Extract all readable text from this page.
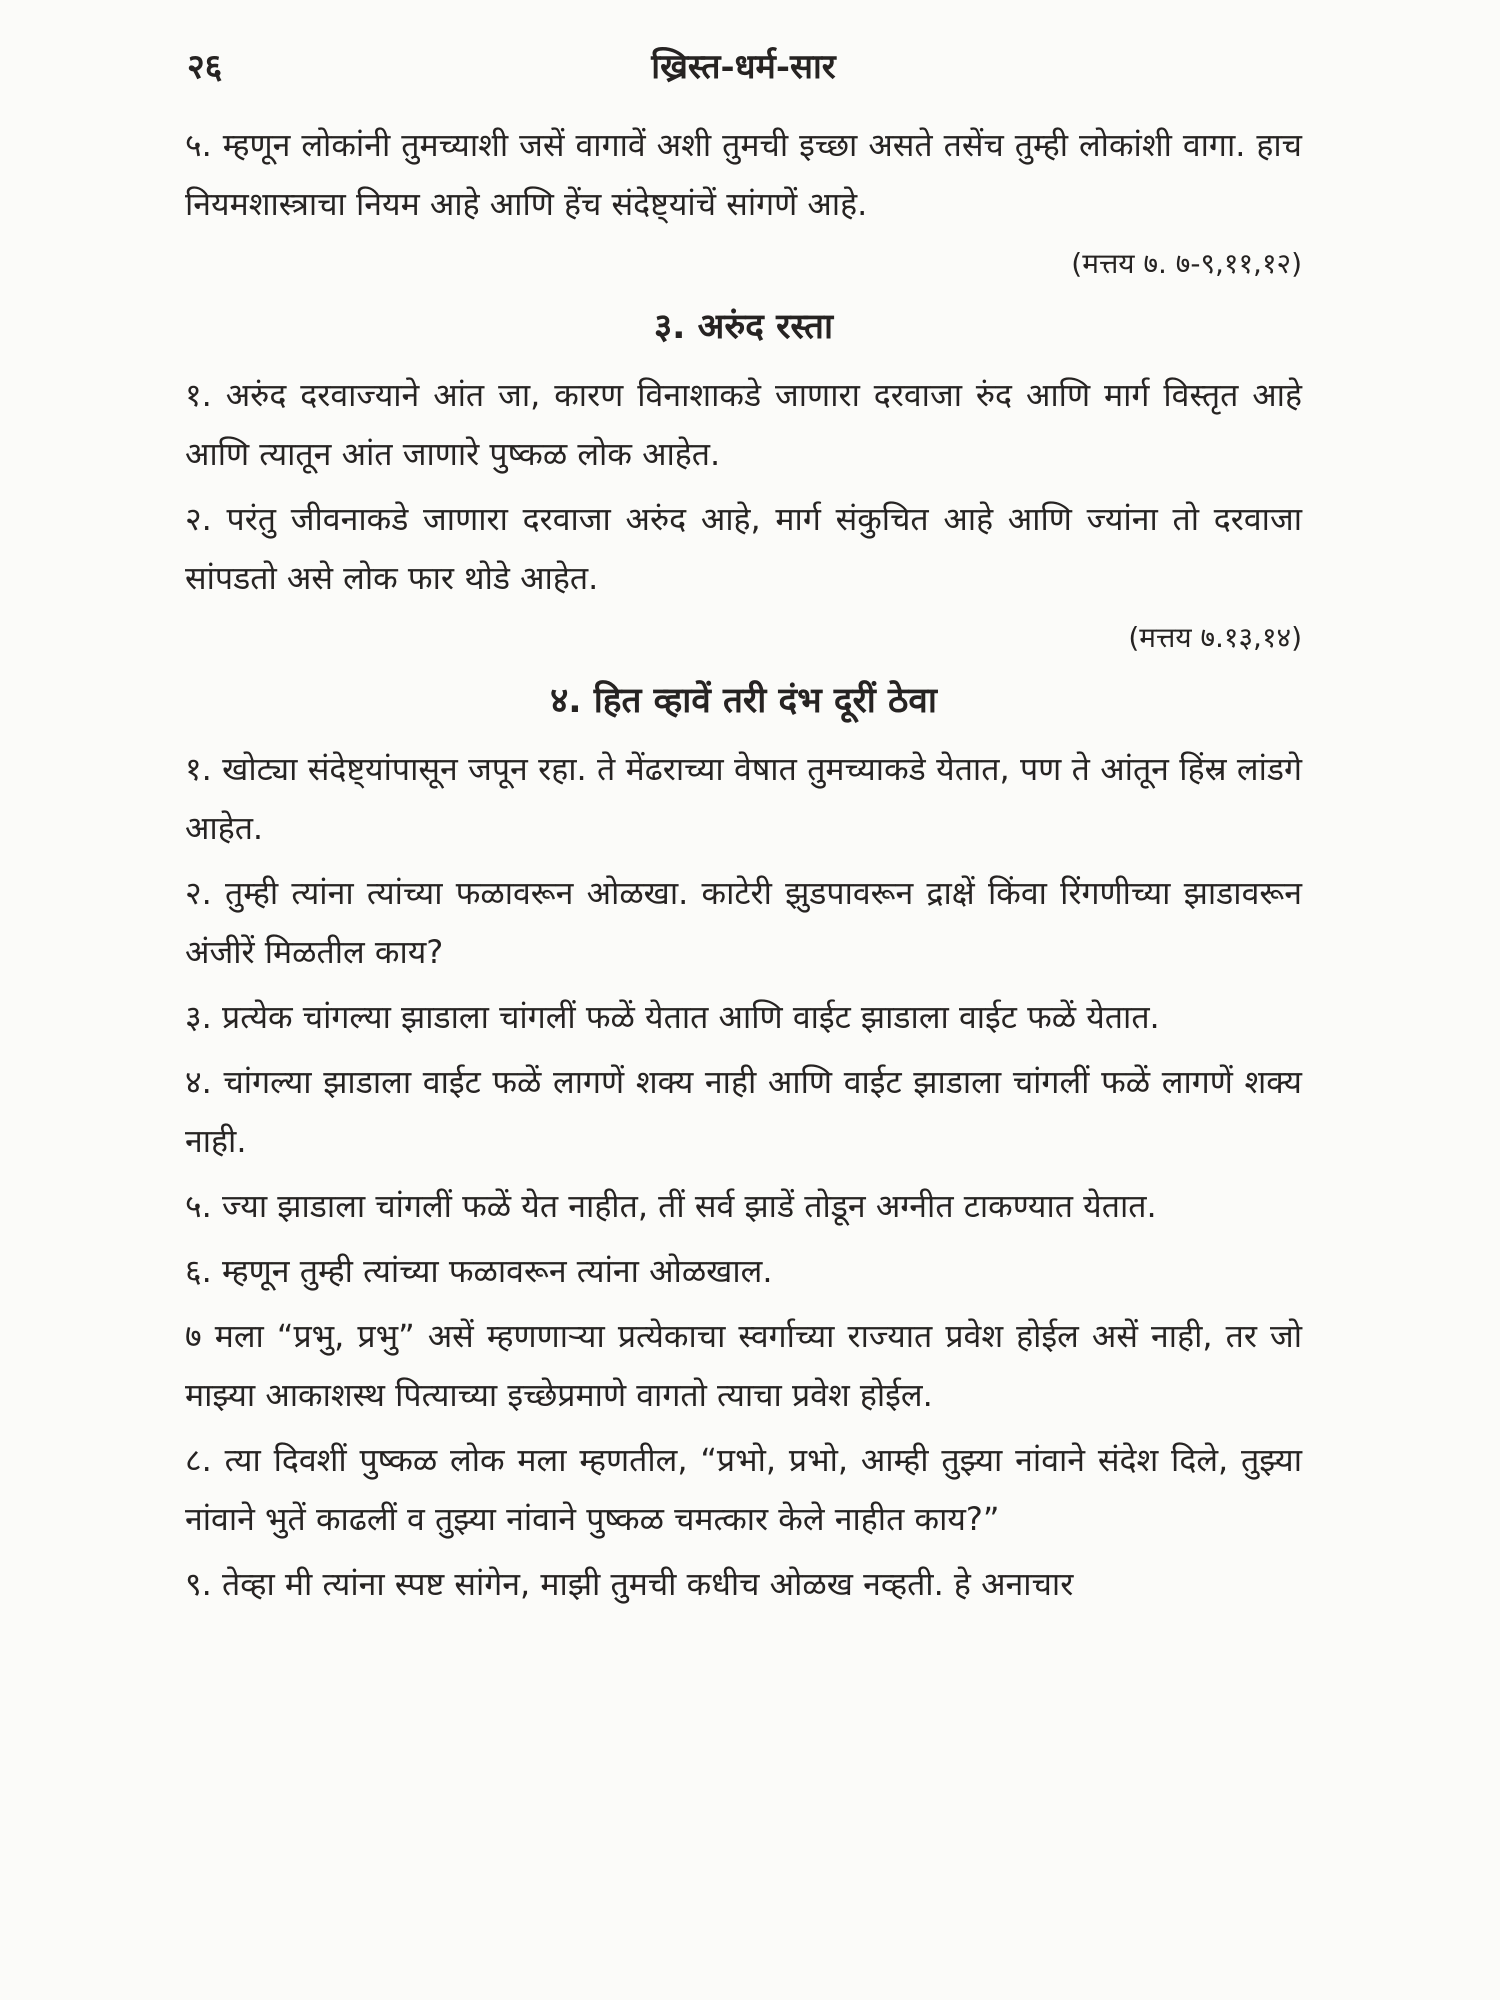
२६	ख्रिस्त-धर्म-सार

५. म्हणून लोकांनी तुमच्याशी जसें वागावें अशी तुमची इच्छा असते तसेंच तुम्ही लोकांशी वागा. हाच नियमशास्त्राचा नियम आहे आणि हेंच संदेष्ट्यांचें सांगणें आहे.

(मत्तय ७. ७-९,११,१२)

३. अरुंद रस्ता

१. अरुंद दरवाज्याने आंत जा, कारण विनाशाकडे जाणारा दरवाजा रुंद आणि मार्ग विस्तृत आहे आणि त्यातून आंत जाणारे पुष्कळ लोक आहेत.

२. परंतु जीवनाकडे जाणारा दरवाजा अरुंद आहे, मार्ग संकुचित आहे आणि ज्यांना तो दरवाजा सांपडतो असे लोक फार थोडे आहेत.

(मत्तय ७.१३,१४)

४. हित व्हावें तरी दंभ दूरीं ठेवा

१. खोट्या संदेष्ट्यांपासून जपून रहा. ते मेंढराच्या वेषात तुमच्याकडे येतात, पण ते आंतून हिंस्र लांडगे आहेत.

२. तुम्ही त्यांना त्यांच्या फळावरून ओळखा. काटेरी झुडपावरून द्राक्षें किंवा रिंगणीच्या झाडावरून अंजीरें मिळतील काय?

३. प्रत्येक चांगल्या झाडाला चांगलीं फळें येतात आणि वाईट झाडाला वाईट फळें येतात.

४. चांगल्या झाडाला वाईट फळें लागणें शक्य नाही आणि वाईट झाडाला चांगलीं फळें लागणें शक्य नाही.

५. ज्या झाडाला चांगलीं फळें येत नाहीत, तीं सर्व झाडें तोडून अग्नीत टाकण्यात येतात.

६. म्हणून तुम्ही त्यांच्या फळावरून त्यांना ओळखाल.

७ मला “प्रभु, प्रभु” असें म्हणणाऱ्या प्रत्येकाचा स्वर्गाच्या राज्यात प्रवेश होईल असें नाही, तर जो माझ्या आकाशस्थ पित्याच्या इच्छेप्रमाणे वागतो त्याचा प्रवेश होईल.

८. त्या दिवशीं पुष्कळ लोक मला म्हणतील, “प्रभो, प्रभो, आम्ही तुझ्या नांवाने संदेश दिले, तुझ्या नांवाने भुतें काढलीं व तुझ्या नांवाने पुष्कळ चमत्कार केले नाहीत काय?”

९. तेव्हा मी त्यांना स्पष्ट सांगेन, माझी तुमची कधीच ओळख नव्हती. हे अनाचार
